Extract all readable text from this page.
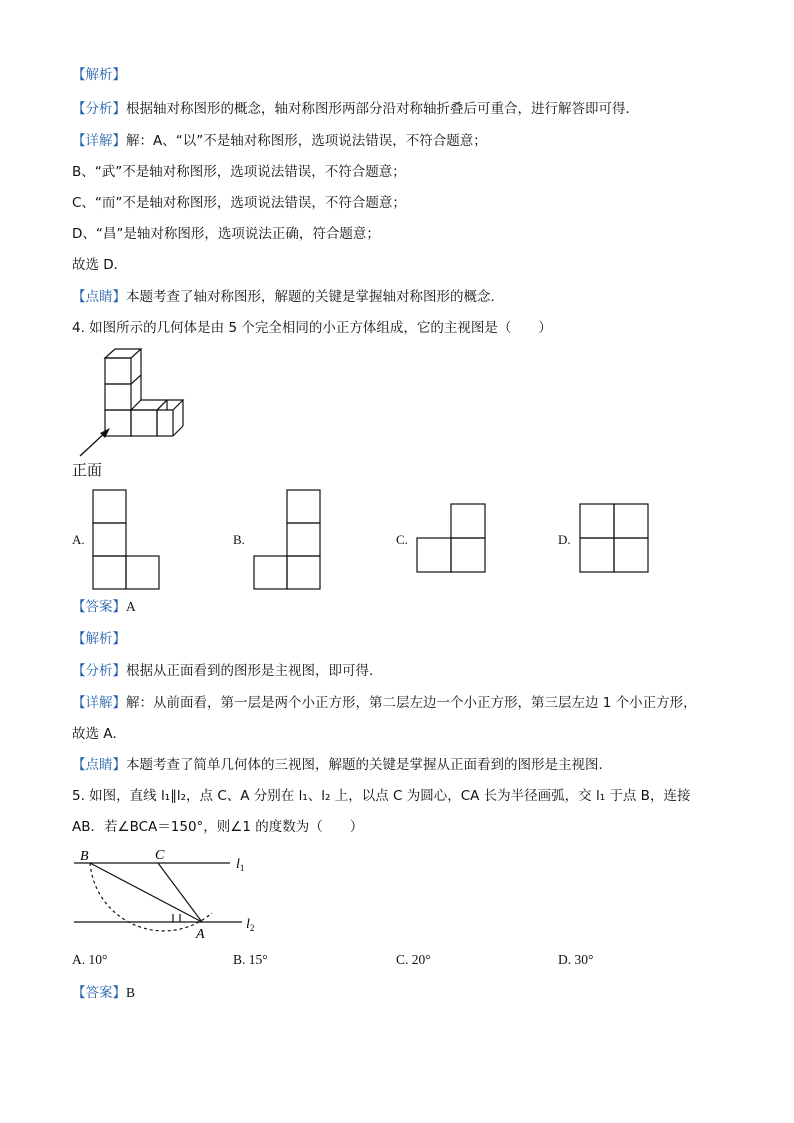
【解析】
【分析】根据轴对称图形的概念，轴对称图形两部分沿对称轴折叠后可重合，进行解答即可得．
【详解】解：A、“以”不是轴对称图形，选项说法错误，不符合题意；
B、“武”不是轴对称图形，选项说法错误，不符合题意；
C、“而”不是轴对称图形，选项说法错误，不符合题意；
D、“昌”是轴对称图形，选项说法正确，符合题意；
故选 D．
【点睛】本题考查了轴对称图形，解题的关键是掌握轴对称图形的概念．
4. 如图所示的几何体是由 5 个完全相同的小正方体组成，它的主视图是（　　）
正面
A.	B.	C.	D.
【答案】A
【解析】
【分析】根据从正面看到的图形是主视图，即可得．
【详解】解：从前面看，第一层是两个小正方形，第二层左边一个小正方形，第三层左边 1 个小正方形，
故选 A．
【点睛】本题考查了简单几何体的三视图，解题的关键是掌握从正面看到的图形是主视图．
5. 如图，直线 l₁∥l₂，点 C、A 分别在 l₁、l₂ 上，以点 C 为圆心，CA 长为半径画弧，交 l₁ 于点 B，连接
AB．若∠BCA＝150°，则∠1 的度数为（　　）
B	C
A
$l_1$
$l_2$
A. 10°	B. 15°	C. 20°	D. 30°
【答案】B
